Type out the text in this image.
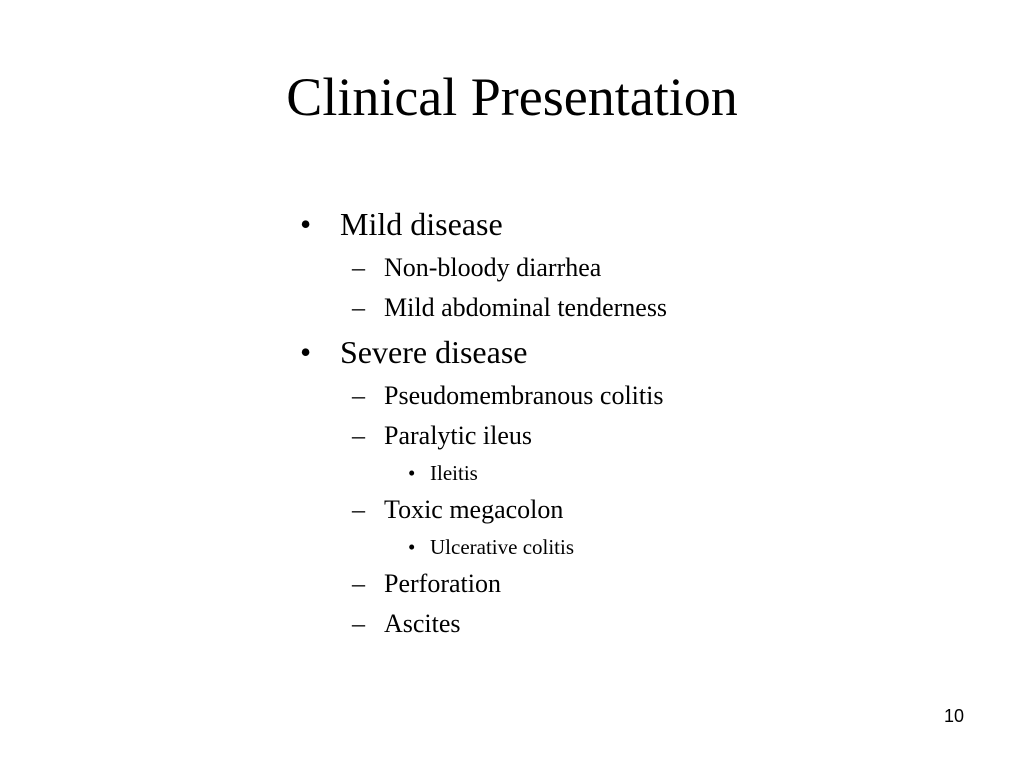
Clinical Presentation
• Mild disease
– Non-bloody diarrhea
– Mild abdominal tenderness
• Severe disease
– Pseudomembranous colitis
– Paralytic ileus
• Ileitis
– Toxic megacolon
• Ulcerative colitis
– Perforation
– Ascites
10
